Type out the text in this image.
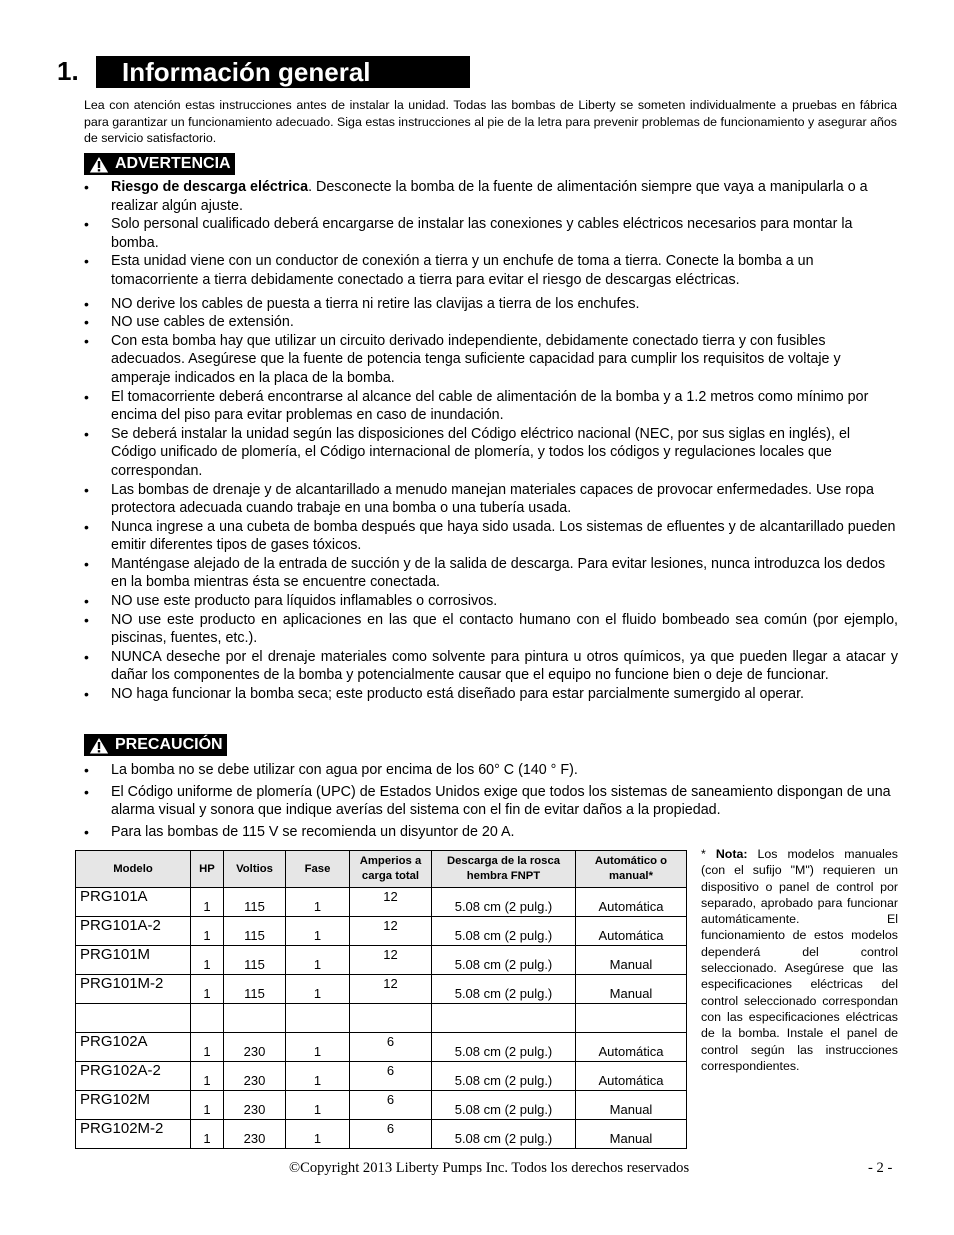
1.	Información general
Lea con atención estas instrucciones antes de instalar la unidad. Todas las bombas de Liberty se someten individualmente a pruebas en fábrica para garantizar un funcionamiento adecuado. Siga estas instrucciones al pie de la letra para prevenir problemas de funcionamiento y asegurar años de servicio satisfactorio.
ADVERTENCIA
• Riesgo de descarga eléctrica. Desconecte la bomba de la fuente de alimentación siempre que vaya a manipularla o a realizar algún ajuste.
• Solo personal cualificado deberá encargarse de instalar las conexiones y cables eléctricos necesarios para montar la bomba.
• Esta unidad viene con un conductor de conexión a tierra y un enchufe de toma a tierra. Conecte la bomba a un tomacorriente a tierra debidamente conectado a tierra para evitar el riesgo de descargas eléctricas.
• NO derive los cables de puesta a tierra ni retire las clavijas a tierra de los enchufes.
• NO use cables de extensión.
• Con esta bomba hay que utilizar un circuito derivado independiente, debidamente conectado tierra y con fusibles adecuados. Asegúrese que la fuente de potencia tenga suficiente capacidad para cumplir los requisitos de voltaje y amperaje indicados en la placa de la bomba.
• El tomacorriente deberá encontrarse al alcance del cable de alimentación de la bomba y a 1.2 metros como mínimo por encima del piso para evitar problemas en caso de inundación.
• Se deberá instalar la unidad según las disposiciones del Código eléctrico nacional (NEC, por sus siglas en inglés), el Código unificado de plomería, el Código internacional de plomería, y todos los códigos y regulaciones locales que correspondan.
• Las bombas de drenaje y de alcantarillado a menudo manejan materiales capaces de provocar enfermedades. Use ropa protectora adecuada cuando trabaje en una bomba o una tubería usada.
• Nunca ingrese a una cubeta de bomba después que haya sido usada. Los sistemas de efluentes y de alcantarillado pueden emitir diferentes tipos de gases tóxicos.
• Manténgase alejado de la entrada de succión y de la salida de descarga. Para evitar lesiones, nunca introduzca los dedos en la bomba mientras ésta se encuentre conectada.
• NO use este producto para líquidos inflamables o corrosivos.
• NO use este producto en aplicaciones en las que el contacto humano con el fluido bombeado sea común (por ejemplo, piscinas, fuentes, etc.).
• NUNCA deseche por el drenaje materiales como solvente para pintura u otros químicos, ya que pueden llegar a atacar y dañar los componentes de la bomba y potencialmente causar que el equipo no funcione bien o deje de funcionar.
• NO haga funcionar la bomba seca; este producto está diseñado para estar parcialmente sumergido al operar.
PRECAUCIÓN
• La bomba no se debe utilizar con agua por encima de los 60° C (140 ° F).
• El Código uniforme de plomería (UPC) de Estados Unidos exige que todos los sistemas de saneamiento dispongan de una alarma visual y sonora que indique averías del sistema con el fin de evitar daños a la propiedad.
• Para las bombas de 115 V se recomienda un disyuntor de 20 A.
Modelo	HP	Voltios	Fase	Amperios a carga total	Descarga de la rosca hembra FNPT	Automático o manual*
PRG101A	1	115	1	12	5.08 cm (2 pulg.)	Automática
PRG101A-2	1	115	1	12	5.08 cm (2 pulg.)	Automática
PRG101M	1	115	1	12	5.08 cm (2 pulg.)	Manual
PRG101M-2	1	115	1	12	5.08 cm (2 pulg.)	Manual

PRG102A	1	230	1	6	5.08 cm (2 pulg.)	Automática
PRG102A-2	1	230	1	6	5.08 cm (2 pulg.)	Automática
PRG102M	1	230	1	6	5.08 cm (2 pulg.)	Manual
PRG102M-2	1	230	1	6	5.08 cm (2 pulg.)	Manual
* Nota: Los modelos manuales (con el sufijo "M") requieren un dispositivo o panel de control por separado, aprobado para funcionar automáticamente. El funcionamiento de estos modelos dependerá del control seleccionado. Asegúrese que las especificaciones eléctricas del control seleccionado correspondan con las especificaciones eléctricas de la bomba. Instale el panel de control según las instrucciones correspondientes.
©Copyright 2013 Liberty Pumps Inc. Todos los derechos reservados	- 2 -
